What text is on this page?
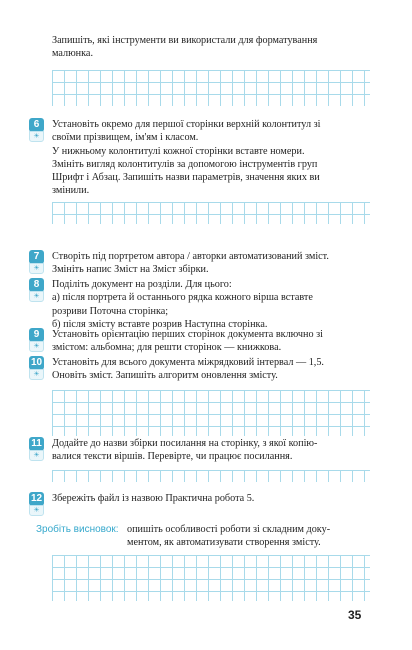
Запишіть, які інструменти ви використали для форматування
малюнка.
6
☀
Установіть окремо для першої сторінки верхній колонтитул зі
своїми прізвищем, ім'ям і класом.
У нижньому колонтитулі кожної сторінки вставте номери.
Змініть вигляд колонтитулів за допомогою інструментів груп
Шрифт і Абзац. Запишіть назви параметрів, значення яких ви
змінили.
7
☀
Створіть під портретом автора / авторки автоматизований зміст.
Змініть напис Зміст на Зміст збірки.
8
☀
Поділіть документ на розділи. Для цього:
а) після портрета й останнього рядка кожного вірша вставте
розриви Поточна сторінка;
б) після змісту вставте розрив Наступна сторінка.
9
☀
Установіть орієнтацію перших сторінок документа включно зі
змістом: альбомна; для решти сторінок — книжкова.
10
☀
Установіть для всього документа міжрядковий інтервал — 1,5.
Оновіть зміст. Запишіть алгоритм оновлення змісту.
11
☀
Додайте до назви збірки посилання на сторінку, з якої копію-
валися тексти віршів. Перевірте, чи працює посилання.
12
☀
Збережіть файл із назвою Практична робота 5.
Зробіть висновок: опишіть особливості роботи зі складним доку-
ментом, як автоматизувати створення змісту.
35
